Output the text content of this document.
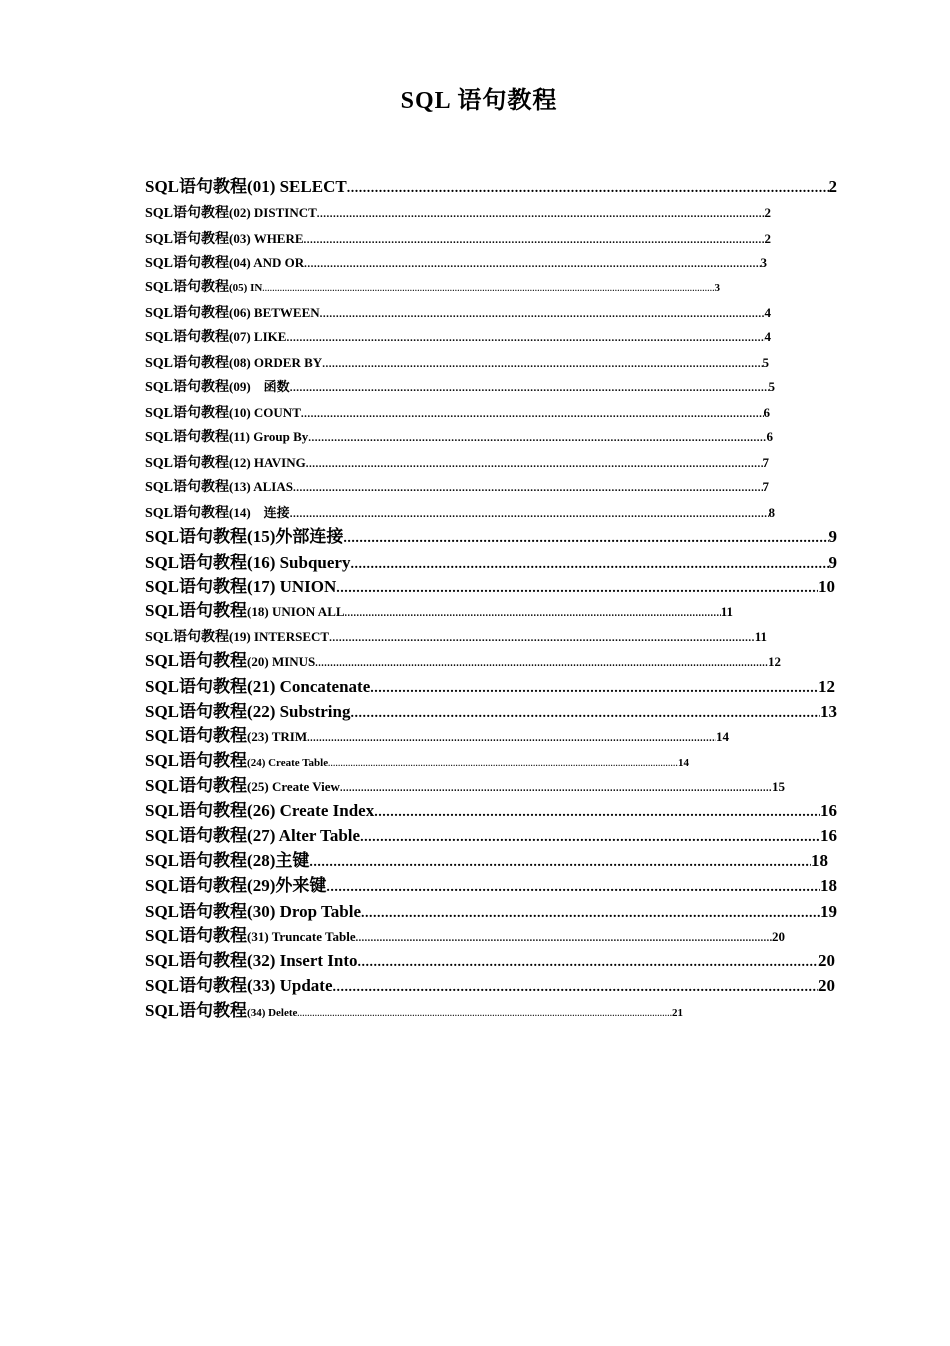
SQL 语句教程
SQL语句教程 (01) SELECT .....	2
SQL语句教程 (02) DISTINCT .....	2
SQL语句教程 (03) WHERE .....	2
SQL语句教程 (04) AND OR .....	3
SQL语句教程 (05) IN .....	3
SQL语句教程 (06) BETWEEN .....	4
SQL语句教程 (07) LIKE .....	4
SQL语句教程 (08) ORDER BY .....	5
SQL语句教程 (09)　函数 .....	5
SQL语句教程 (10) COUNT .....	6
SQL语句教程 (11) Group By .....	6
SQL语句教程 (12) HAVING .....	7
SQL语句教程 (13) ALIAS .....	7
SQL语句教程 (14)　连接 .....	8
SQL语句教程 (15)外部连接 .....	9
SQL语句教程 (16) Subquery .....	9
SQL语句教程 (17) UNION .....	10
SQL语句教程 (18) UNION ALL .....	11
SQL语句教程 (19) INTERSECT .....	11
SQL语句教程 (20) MINUS .....	12
SQL语句教程 (21) Concatenate .....	12
SQL语句教程 (22) Substring .....	13
SQL语句教程 (23) TRIM .....	14
SQL语句教程 (24) Create Table .....	14
SQL语句教程 (25) Create View .....	15
SQL语句教程 (26) Create Index .....	16
SQL语句教程 (27) Alter Table .....	16
SQL语句教程 (28)主键 .....	18
SQL语句教程 (29)外来键 .....	18
SQL语句教程 (30) Drop Table .....	19
SQL语句教程 (31) Truncate Table .....	20
SQL语句教程 (32) Insert Into .....	20
SQL语句教程 (33) Update .....	20
SQL语句教程 (34) Delete .....	21
